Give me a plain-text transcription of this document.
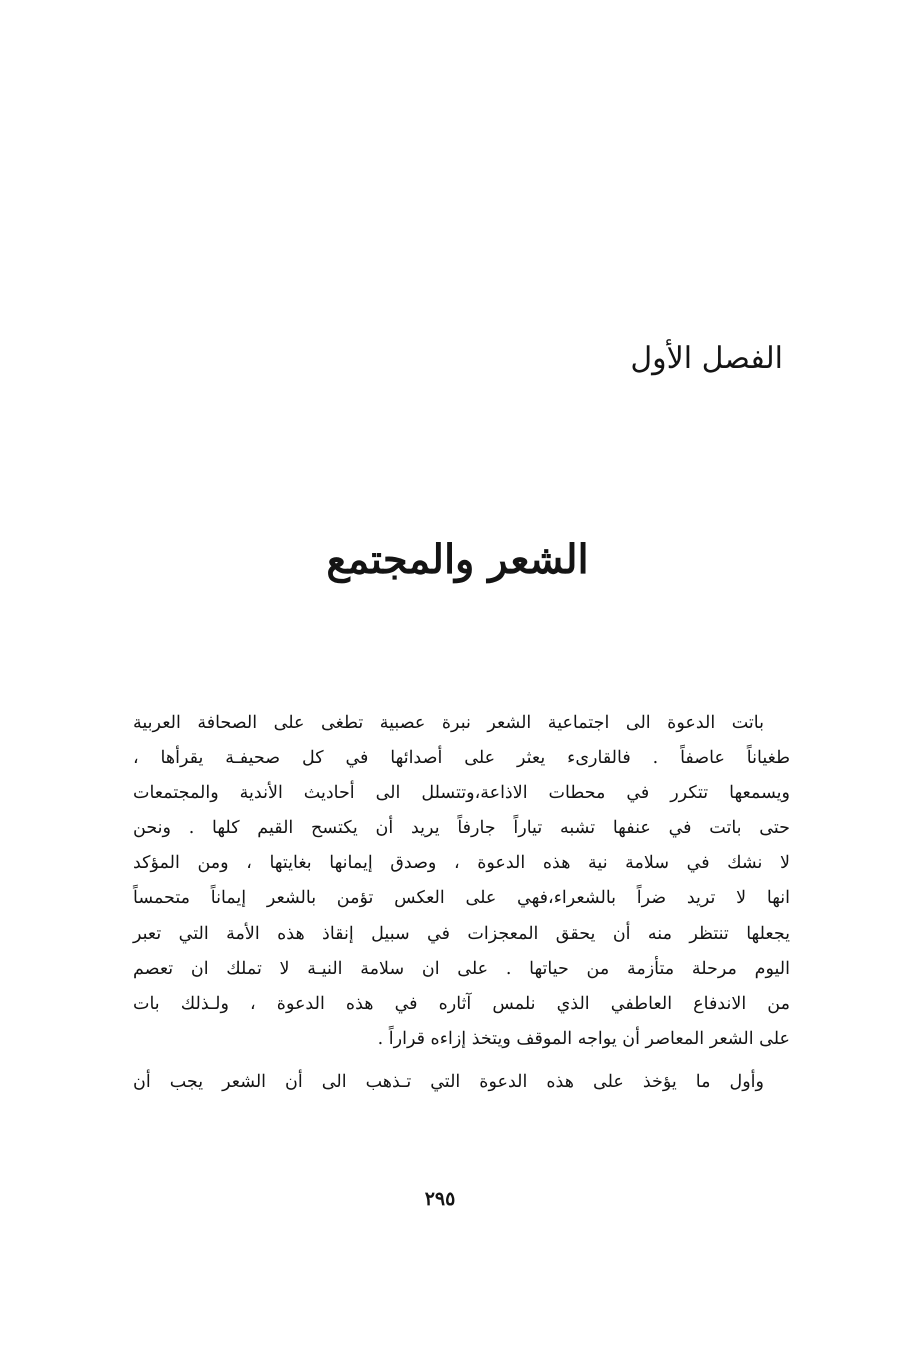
الفصل الأول
الشعر والمجتمع
باتت الدعوة الى اجتماعية الشعر نبرة عصبية تطغى على الصحافة العربية
طغياناً عاصفاً . فالقارىء يعثر على أصدائها في كل صحيفـة يقرأها ،
ويسمعها تتكرر في محطات الاذاعة،وتتسلل الى أحاديث الأندية والمجتمعات
حتى باتت في عنفها تشبه تياراً جارفاً يريد أن يكتسح القيم كلها . ونحن
لا نشك في سلامة نية هذه الدعوة ، وصدق إيمانها بغايتها ، ومن المؤكد
انها لا تريد ضراً بالشعراء،فهي على العكس تؤمن بالشعر إيماناً متحمساً
يجعلها تنتظر منه أن يحقق المعجزات في سبيل إنقاذ هذه الأمة التي تعبر
اليوم مرحلة متأزمة من حياتها . على ان سلامة النيـة لا تملك ان تعصم
من الاندفاع العاطفي الذي نلمس آثاره في هذه الدعوة ، ولـذلك بات
على الشعر المعاصر أن يواجه الموقف ويتخذ إزاءه قراراً .
وأول ما يؤخذ على هذه الدعوة التي تـذهب الى أن الشعر يجب أن
٢٩٥
